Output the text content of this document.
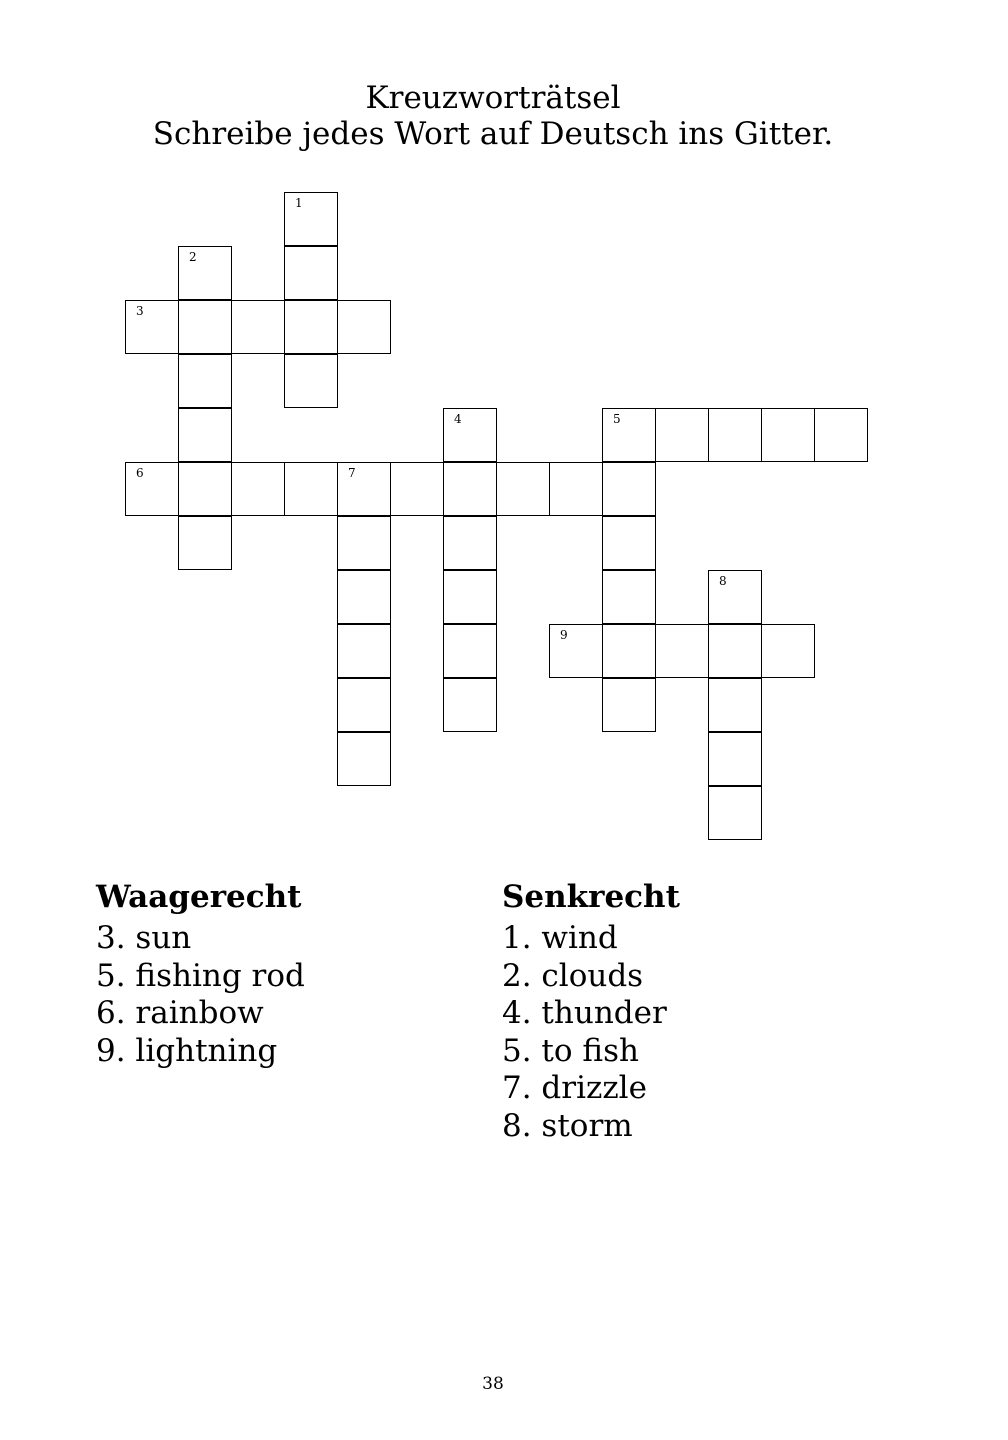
Kreuzworträtsel
Schreibe jedes Wort auf Deutsch ins Gitter.
1
2
3
4	5
6	7
8
9
Waagerecht
3. sun
5. fishing rod
6. rainbow
9. lightning
Senkrecht
1. wind
2. clouds
4. thunder
5. to fish
7. drizzle
8. storm
38
